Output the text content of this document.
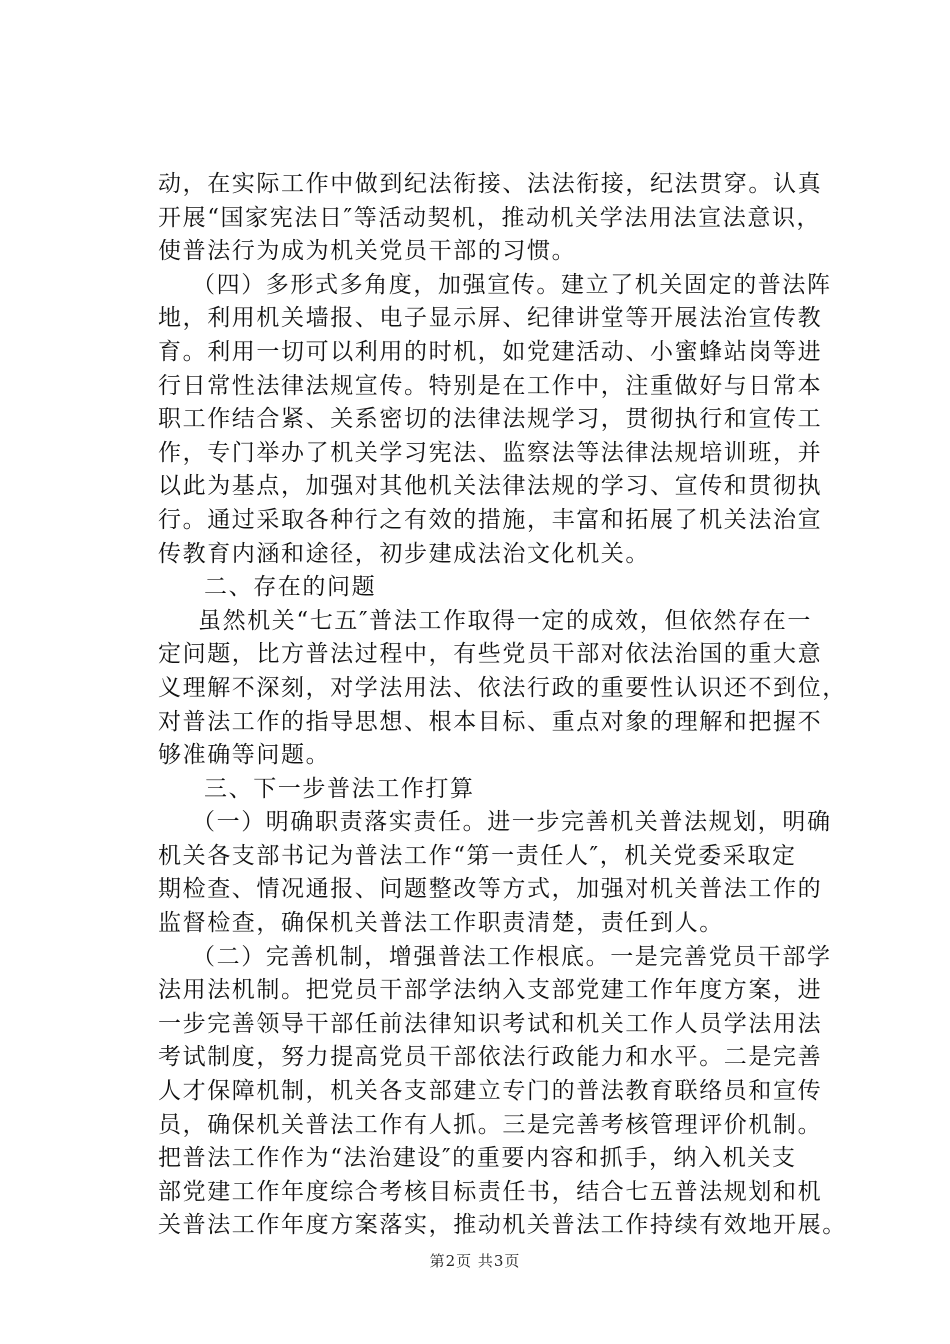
动，在实际工作中做到纪法衔接、法法衔接，纪法贯穿。认真
开展“国家宪法日″等活动契机，推动机关学法用法宣法意识，
使普法行为成为机关党员干部的习惯。
（四）多形式多角度，加强宣传。建立了机关固定的普法阵
地，利用机关墙报、电子显示屏、纪律讲堂等开展法治宣传教
育。利用一切可以利用的时机，如党建活动、小蜜蜂站岗等进
行日常性法律法规宣传。特别是在工作中，注重做好与日常本
职工作结合紧、关系密切的法律法规学习，贯彻执行和宣传工
作，专门举办了机关学习宪法、监察法等法律法规培训班，并
以此为基点，加强对其他机关法律法规的学习、宣传和贯彻执
行。通过采取各种行之有效的措施，丰富和拓展了机关法治宣
传教育内涵和途径，初步建成法治文化机关。
二、存在的问题
虽然机关“七五″普法工作取得一定的成效，但依然存在一
定问题，比方普法过程中，有些党员干部对依法治国的重大意
义理解不深刻，对学法用法、依法行政的重要性认识还不到位，
对普法工作的指导思想、根本目标、重点对象的理解和把握不
够准确等问题。
三、下一步普法工作打算
（一）明确职责落实责任。进一步完善机关普法规划，明确
机关各支部书记为普法工作“第一责任人″，机关党委采取定
期检查、情况通报、问题整改等方式，加强对机关普法工作的
监督检查，确保机关普法工作职责清楚，责任到人。
（二）完善机制，增强普法工作根底。一是完善党员干部学
法用法机制。把党员干部学法纳入支部党建工作年度方案，进
一步完善领导干部任前法律知识考试和机关工作人员学法用法
考试制度，努力提高党员干部依法行政能力和水平。二是完善
人才保障机制，机关各支部建立专门的普法教育联络员和宣传
员，确保机关普法工作有人抓。三是完善考核管理评价机制。
把普法工作作为“法治建设″的重要内容和抓手，纳入机关支
部党建工作年度综合考核目标责任书，结合七五普法规划和机
关普法工作年度方案落实，推动机关普法工作持续有效地开展。
第2页 共3页
